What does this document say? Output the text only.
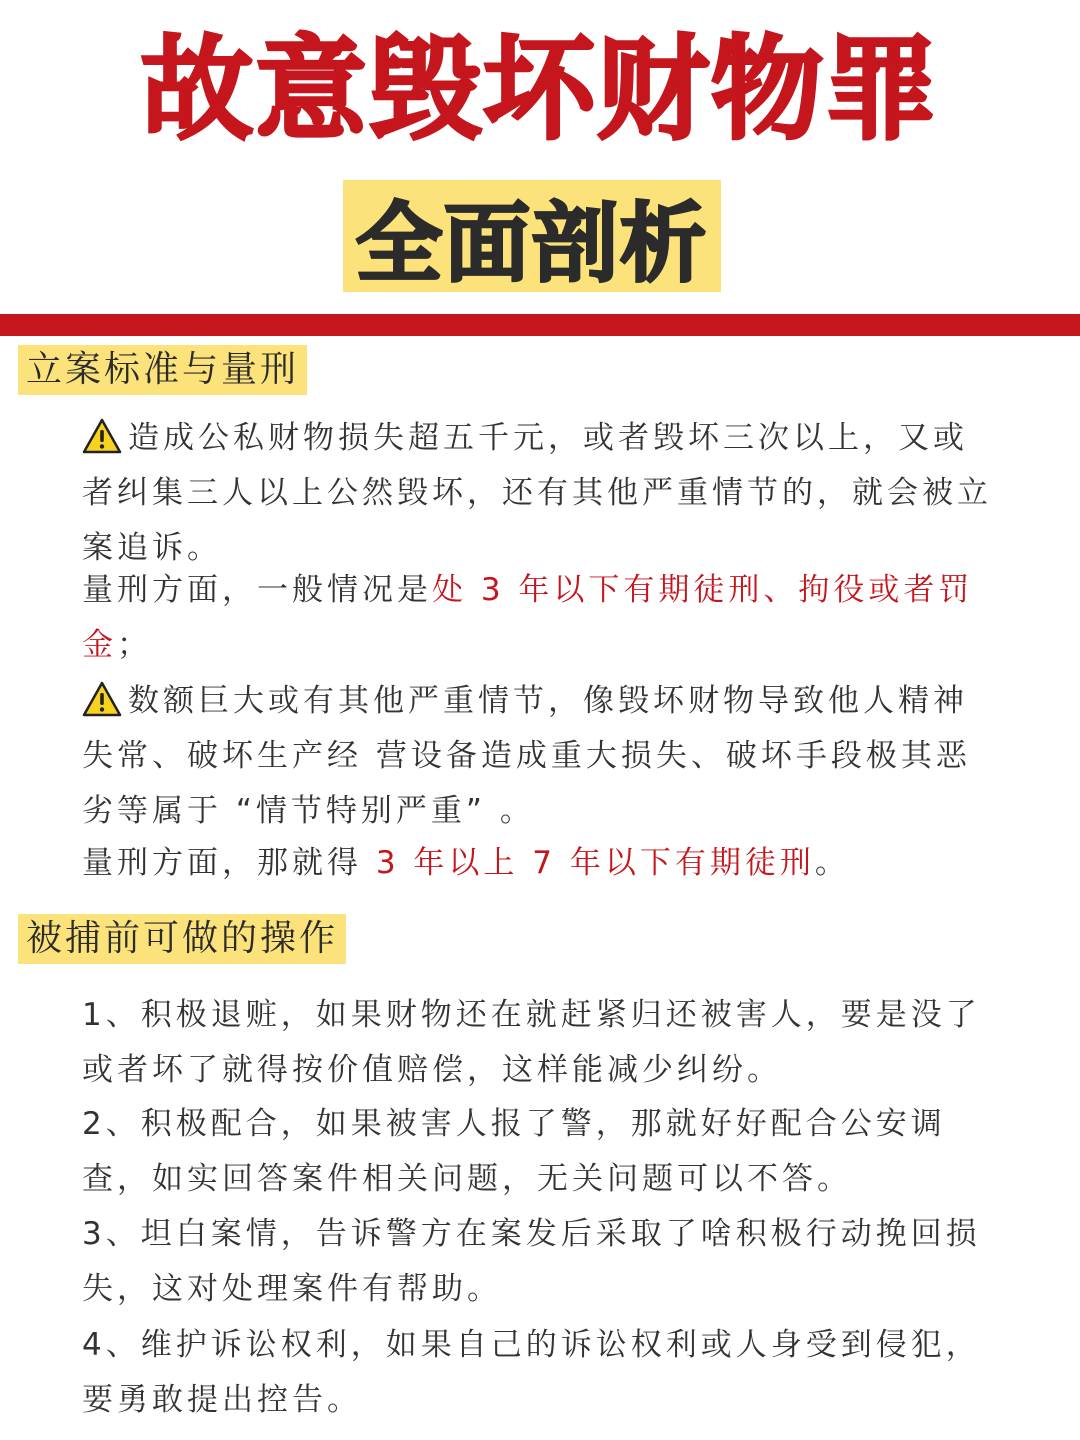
故意毁坏财物罪
全面剖析
立案标准与量刑

造成公私财物损失超五千元，或者毁坏三次以上，又或者纠集三人以上公然毁坏，还有其他严重情节的，就会被立案追诉。

量刑方面，一般情况是处 3 年以下有期徒刑、拘役或者罚金；

数额巨大或有其他严重情节，像毁坏财物导致他人精神失常、破坏生产经 营设备造成重大损失、破坏手段极其恶劣等属于 “情节特别严重” 。

量刑方面，那就得 3 年以上 7 年以下有期徒刑。

被捕前可做的操作

1、积极退赃，如果财物还在就赶紧归还被害人，要是没了或者坏了就得按价值赔偿，这样能减少纠纷。

2、积极配合，如果被害人报了警，那就好好配合公安调查，如实回答案件相关问题，无关问题可以不答。

3、坦白案情，告诉警方在案发后采取了啥积极行动挽回损失，这对处理案件有帮助。

4、维护诉讼权利，如果自己的诉讼权利或人身受到侵犯，要勇敢提出控告。
